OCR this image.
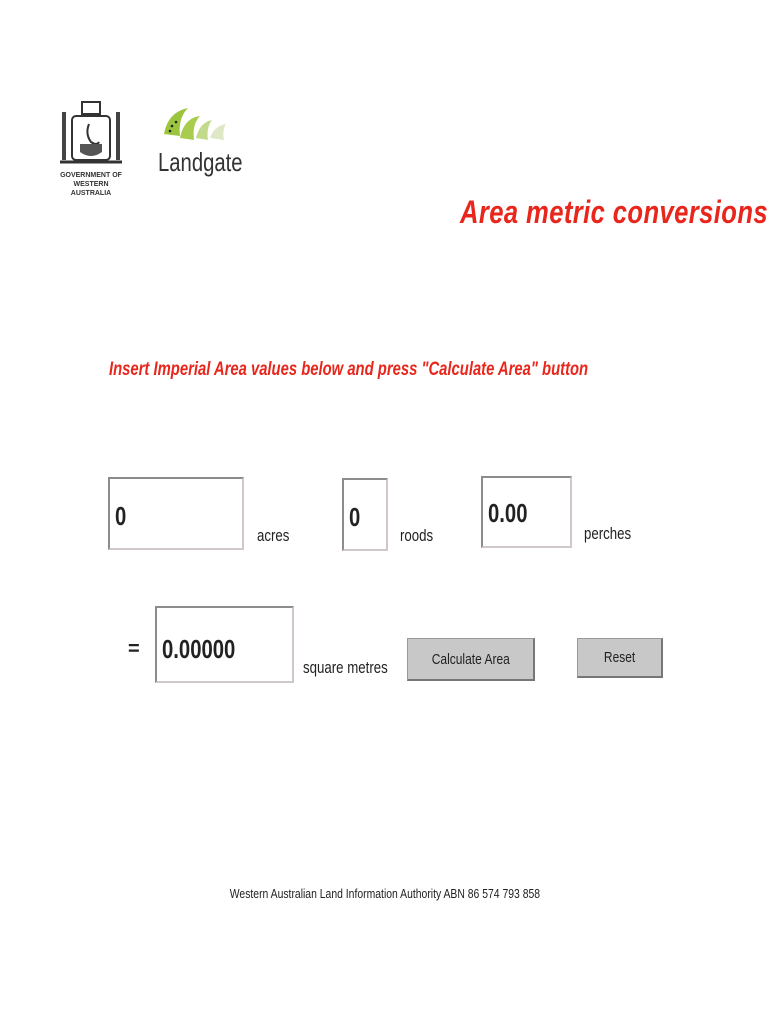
GOVERNMENT OF
WESTERN AUSTRALIA
Landgate
Area metric conversions
Insert Imperial Area values below and press "Calculate Area" button
0
acres
0
roods
0.00
perches
= 0.00000
square metres	Calculate Area	Reset
Western Australian Land Information Authority ABN 86 574 793 858
